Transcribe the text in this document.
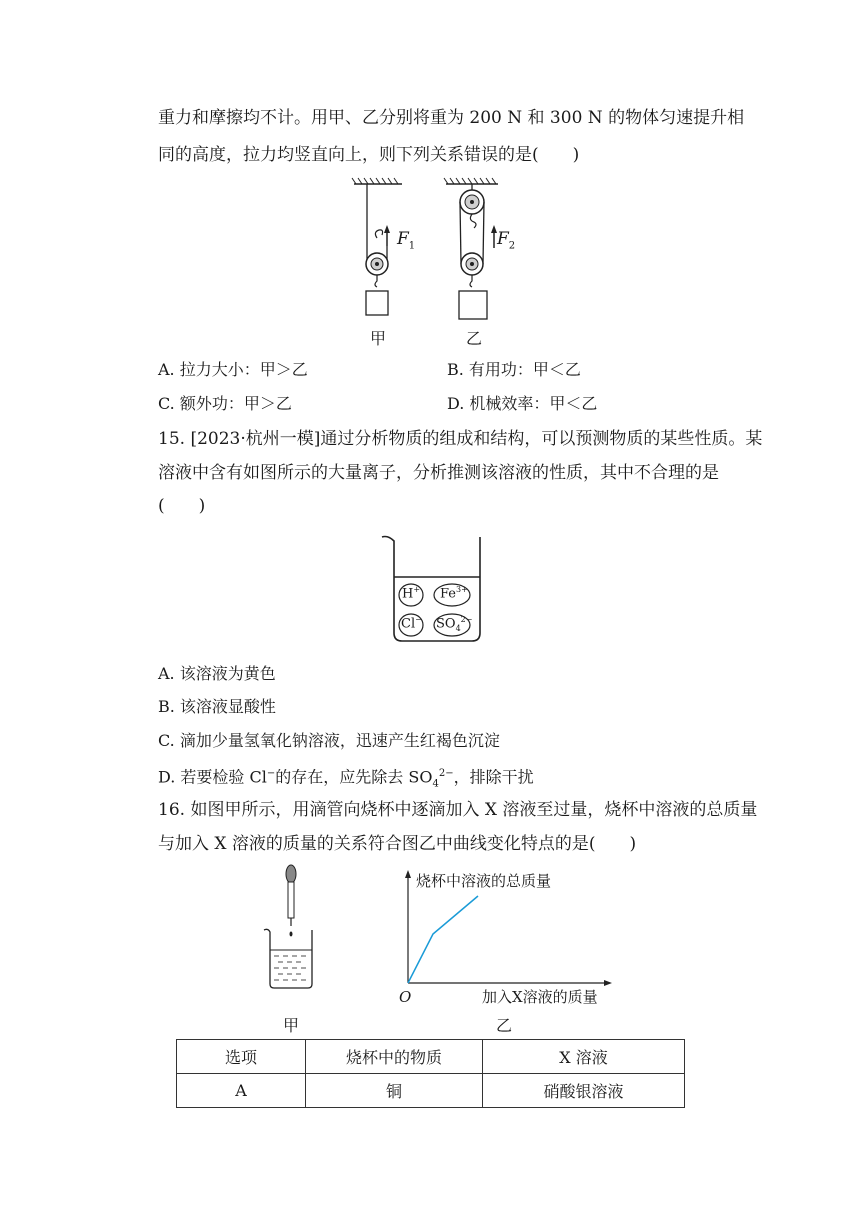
重力和摩擦均不计。用甲、乙分别将重为 200 N 和 300 N 的物体匀速提升相
同的高度，拉力均竖直向上，则下列关系错误的是(　　)
$F_1$
甲
$F_2$
乙
A. 拉力大小：甲＞乙	B. 有用功：甲＜乙
C. 额外功：甲＞乙	D. 机械效率：甲＜乙
15. [2023·杭州一模]通过分析物质的组成和结构，可以预测物质的某些性质。某
溶液中含有如图所示的大量离子，分析推测该溶液的性质，其中不合理的是
(　　)
H+ $Fe^{3+}$
Cl− $SO_4^{2-}$
A. 该溶液为黄色
B. 该溶液显酸性
C. 滴加少量氢氧化钠溶液，迅速产生红褐色沉淀
D. 若要检验 Cl−的存在，应先除去 $SO_4^{2-}$，排除干扰
16. 如图甲所示，用滴管向烧杯中逐滴加入 X 溶液至过量，烧杯中溶液的总质量
与加入 X 溶液的质量的关系符合图乙中曲线变化特点的是(　　)
甲
烧杯中溶液的总质量
加入X溶液的质量
O
乙
选项	烧杯中的物质	X 溶液
A	铜	硝酸银溶液
